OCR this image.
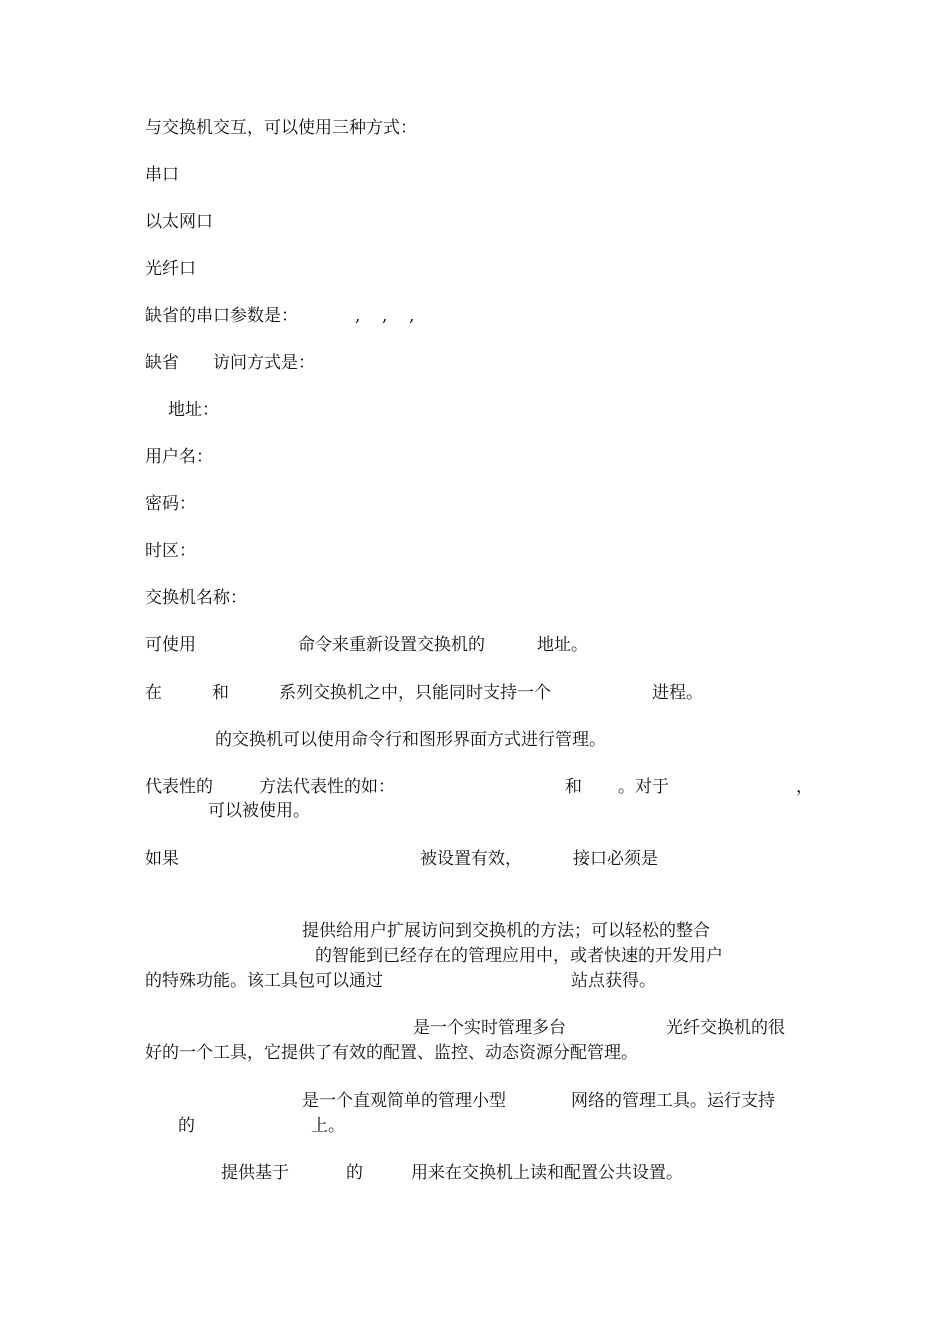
与交换机交互，可以使用三种方式：
串口
以太网口
光纤口
缺省的串口参数是：	,    ,    ,
缺省 访问方式是：
地址：
用户名：
密码：
时区：
交换机名称：
可使用	命令来重新设置交换机的	地址。
在	和	系列交换机之中，只能同时支持一个	进程。
的交换机可以使用命令行和图形界面方式进行管理。
代表性的	方法代表性的如：	和 。对于	，
可以被使用。
如果	被设置有效，	接口必须是
提供给用户扩展访问到交换机的方法；可以轻松的整合
的智能到已经存在的管理应用中，或者快速的开发用户
的特殊功能。该工具包可以通过	站点获得。
是一个实时管理多台	光纤交换机的很
好的一个工具，它提供了有效的配置、监控、动态资源分配管理。
是一个直观简单的管理小型	网络的管理工具。运行支持
的	上。
提供基于	的	用来在交换机上读和配置公共设置。
